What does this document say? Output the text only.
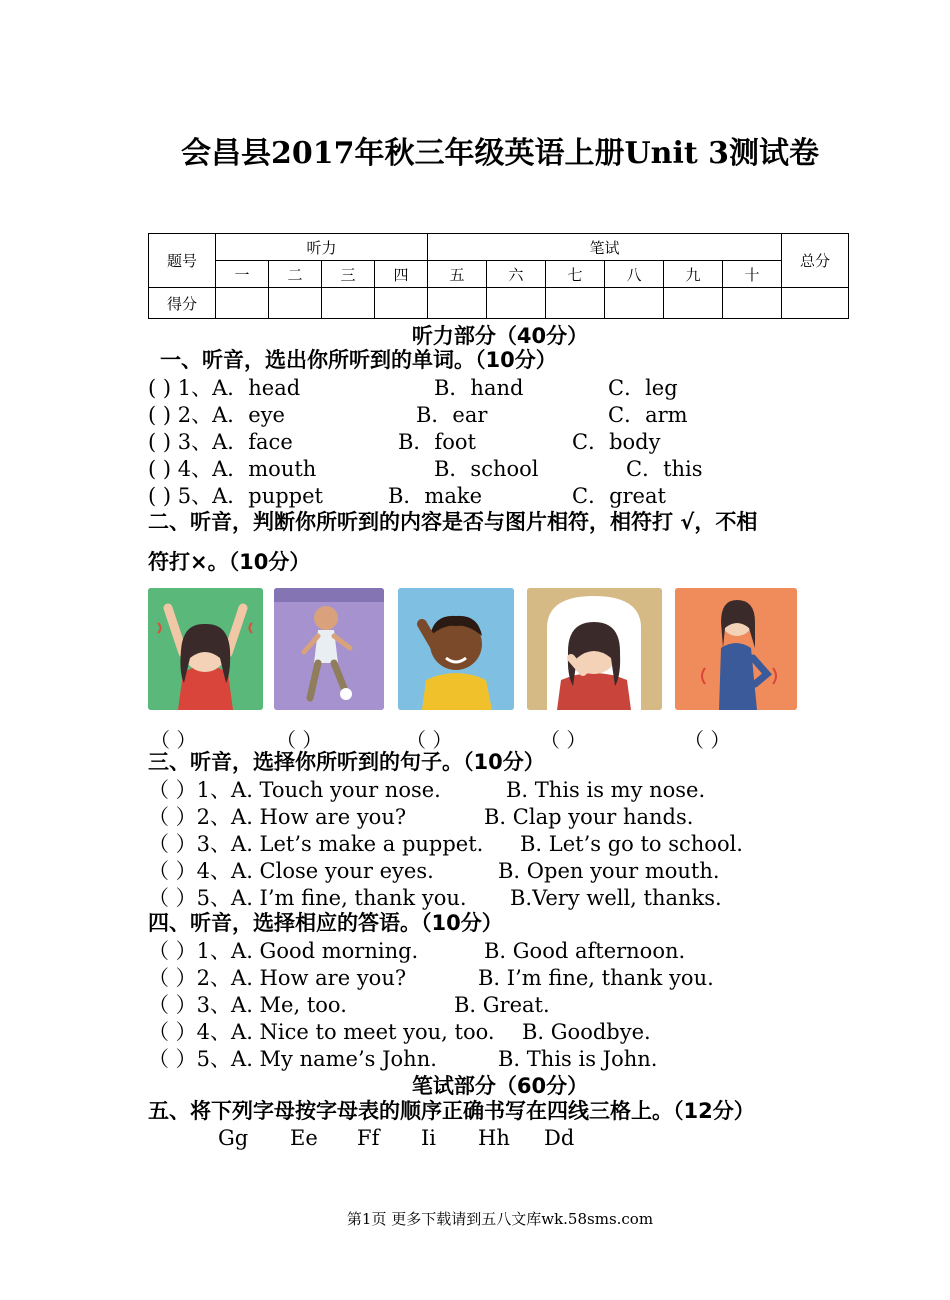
会昌县2017年秋三年级英语上册Unit 3测试卷
题号	听力				笔试						总分
	一	二	三	四	五	六	七	八	九	十	
得分											
听力部分（40分）
一、听音，选出你所听到的单词。（10分）
( ) 1、A．head	B．hand	C．leg
( ) 2、A．eye	B．ear	C．arm
( ) 3、A．face	B．foot	C．body
( ) 4、A．mouth	B．school	C．this
( ) 5、A．puppet	B．make	C．great
二、听音，判断你所听到的内容是否与图片相符，相符打 √，不相
符打×。（10分）
（ ）	（ ）	（ ）	（ ）	（ ）
三、听音，选择你所听到的句子。（10分）
（ ）1、A. Touch your nose.	B. This is my nose.
（ ）2、A. How are you?	B. Clap your hands.
（ ）3、A. Let’s make a puppet. B. Let’s go to school.
（ ）4、A. Close your eyes.	B. Open your mouth.
（ ）5、A. I’m fine, thank you. B.Very well, thanks.
四、听音，选择相应的答语。（10分）
（ ）1、A. Good morning.	B. Good afternoon.
（ ）2、A. How are you?	B. I’m fine, thank you.
（ ）3、A. Me, too.	B. Great.
（ ）4、A. Nice to meet you, too. B. Goodbye.
（ ）5、A. My name’s John.	B. This is John.
笔试部分（60分）
五、将下列字母按字母表的顺序正确书写在四线三格上。（12分）
Gg Ee Ff Ii Hh Dd
第1页 更多下载请到五八文库wk.58sms.com
